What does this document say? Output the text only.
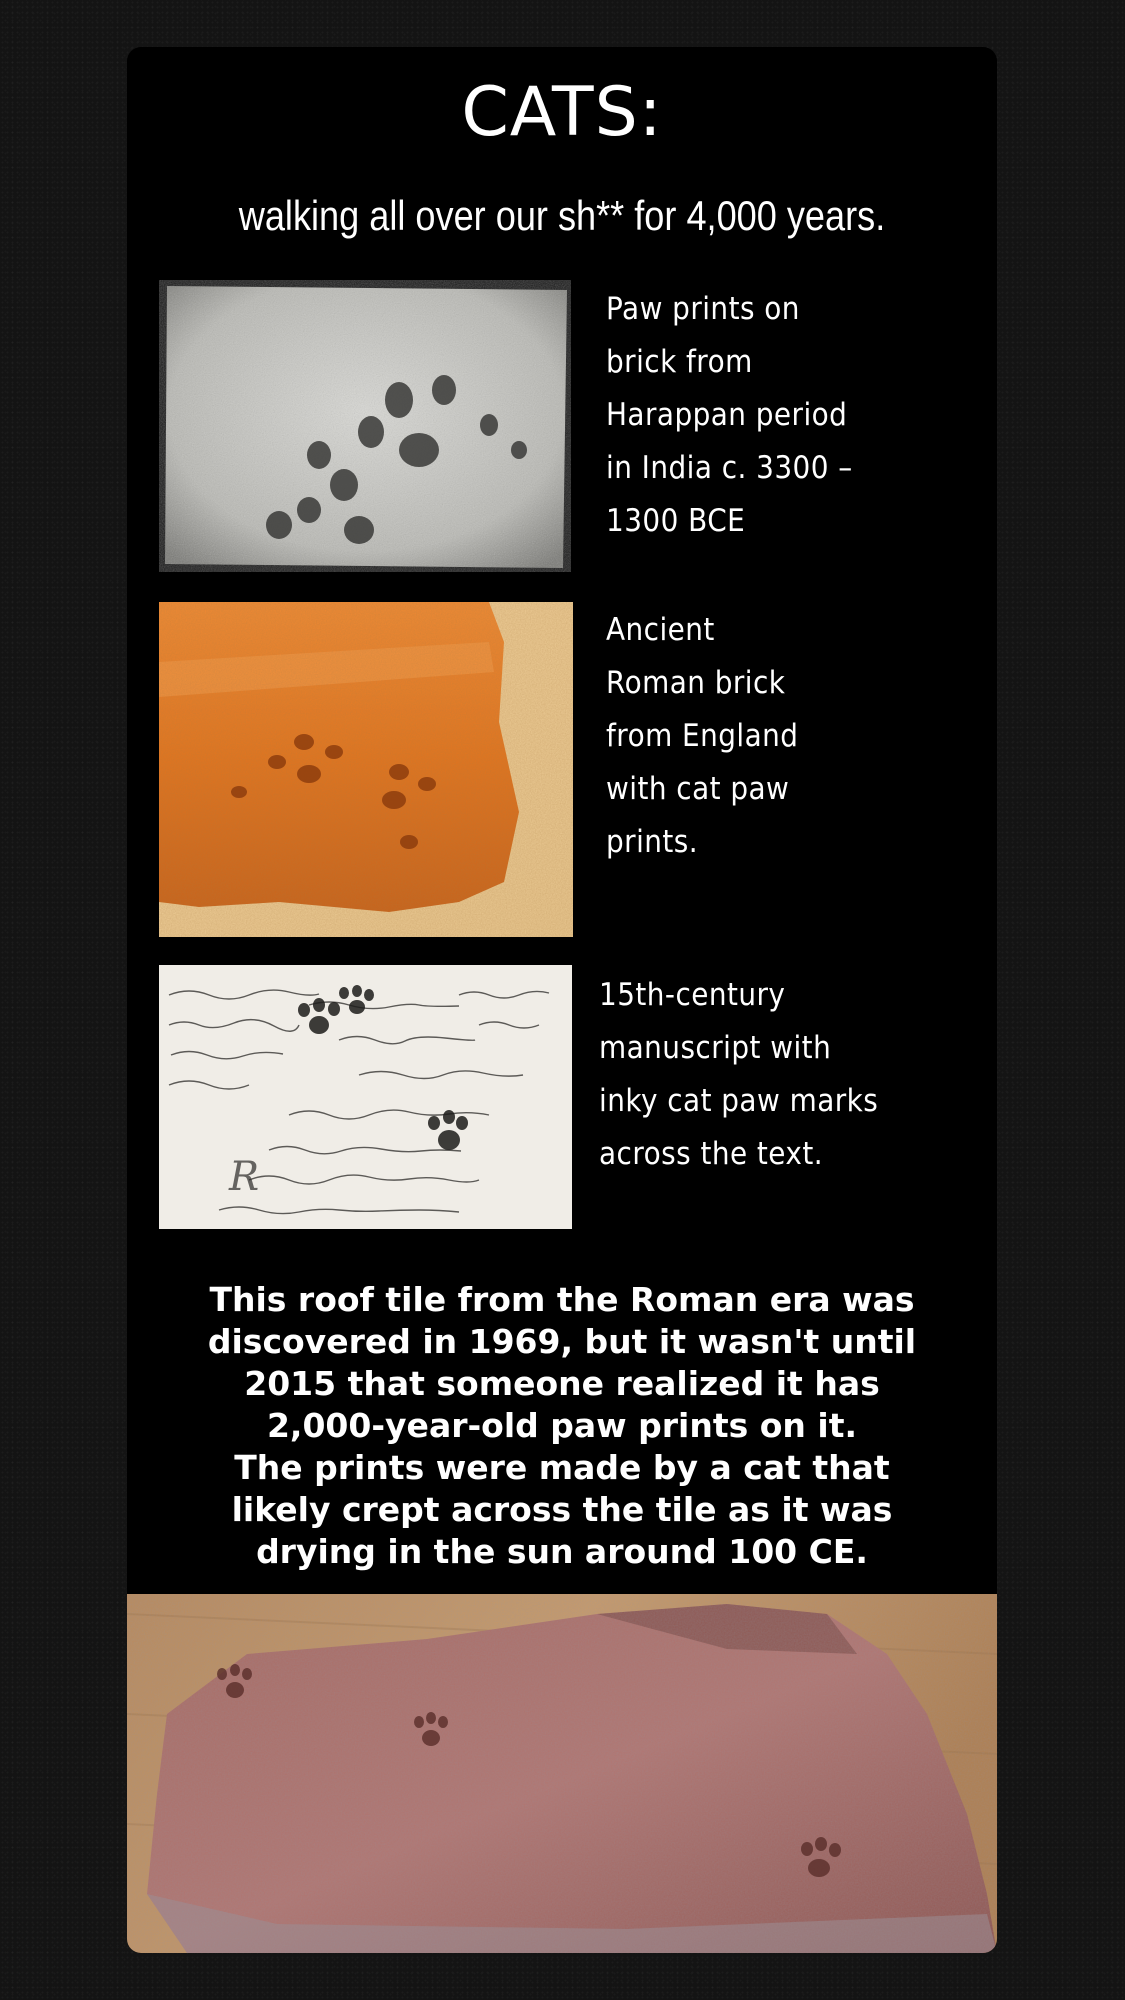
CATS:
walking all over our sh** for 4,000 years.
Paw prints on
brick from
Harappan period
in India c. 3300 –
1300 BCE
Ancient
Roman brick
from England
with cat paw
prints.
R
15th-century
manuscript with
inky cat paw marks
across the text.
This roof tile from the Roman era was
discovered in 1969, but it wasn't until
2015 that someone realized it has
2,000-year-old paw prints on it.
The prints were made by a cat that
likely crept across the tile as it was
drying in the sun around 100 CE.
